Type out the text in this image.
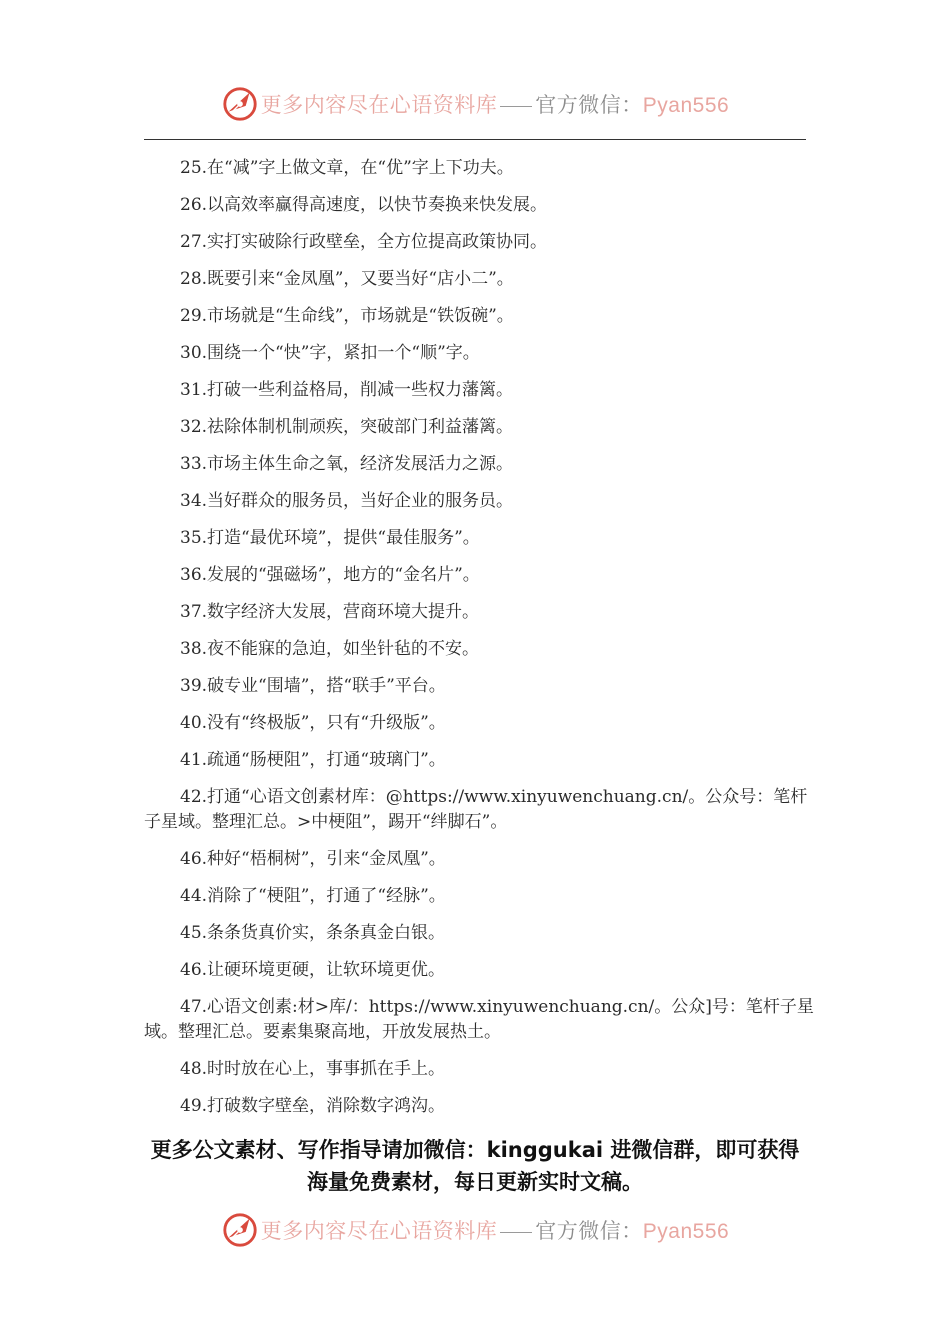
更多内容尽在心语资料库 官方微信：Pyan556
25.在“减”字上做文章，在“优”字上下功夫。
26.以高效率赢得高速度，以快节奏换来快发展。
27.实打实破除行政壁垒，全方位提高政策协同。
28.既要引来“金凤凰”，又要当好“店小二”。
29.市场就是“生命线”，市场就是“铁饭碗”。
30.围绕一个“快”字，紧扣一个“顺”字。
31.打破一些利益格局，削减一些权力藩篱。
32.祛除体制机制顽疾，突破部门利益藩篱。
33.市场主体生命之氧，经济发展活力之源。
34.当好群众的服务员，当好企业的服务员。
35.打造“最优环境”，提供“最佳服务”。
36.发展的“强磁场”，地方的“金名片”。
37.数字经济大发展，营商环境大提升。
38.夜不能寐的急迫，如坐针毡的不安。
39.破专业“围墙”，搭“联手”平台。
40.没有“终极版”，只有“升级版”。
41.疏通“肠梗阻”，打通“玻璃门”。
42.打通“心语文创素材库：@https://www.xinyuwenchuang.cn/。公众号：笔杆子星域。整理汇总。>中梗阻”，踢开“绊脚石”。
46.种好“梧桐树”，引来“金凤凰”。
44.消除了“梗阻”，打通了“经脉”。
45.条条货真价实，条条真金白银。
46.让硬环境更硬，让软环境更优。
47.心语文创素:材>库/：https://www.xinyuwenchuang.cn/。公众]号：笔杆子星域。整理汇总。要素集聚高地，开放发展热土。
48.时时放在心上，事事抓在手上。
49.打破数字壁垒，消除数字鸿沟。
更多公文素材、写作指导请加微信：kinggukai 进微信群，即可获得海量免费素材，每日更新实时文稿。
更多内容尽在心语资料库 官方微信：Pyan556
